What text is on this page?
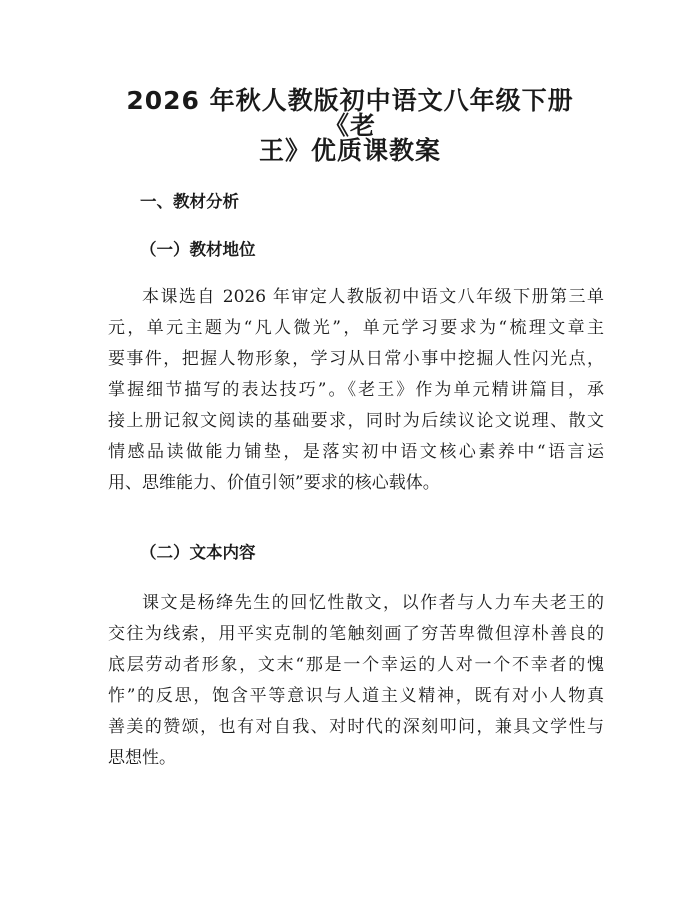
2026 年秋人教版初中语文八年级下册《老
王》优质课教案
一、教材分析
（一）教材地位

本课选自 2026 年审定人教版初中语文八年级下册第三单
元，单元主题为“凡人微光”，单元学习要求为“梳理文章主
要事件，把握人物形象，学习从日常小事中挖掘人性闪光点，
掌握细节描写的表达技巧”。《老王》作为单元精讲篇目，承
接上册记叙文阅读的基础要求，同时为后续议论文说理、散文
情感品读做能力铺垫，是落实初中语文核心素养中“语言运
用、思维能力、价值引领”要求的核心载体。

（二）文本内容

课文是杨绛先生的回忆性散文，以作者与人力车夫老王的
交往为线索，用平实克制的笔触刻画了穷苦卑微但淳朴善良的
底层劳动者形象，文末“那是一个幸运的人对一个不幸者的愧
怍”的反思，饱含平等意识与人道主义精神，既有对小人物真
善美的赞颂，也有对自我、对时代的深刻叩问，兼具文学性与
思想性。
